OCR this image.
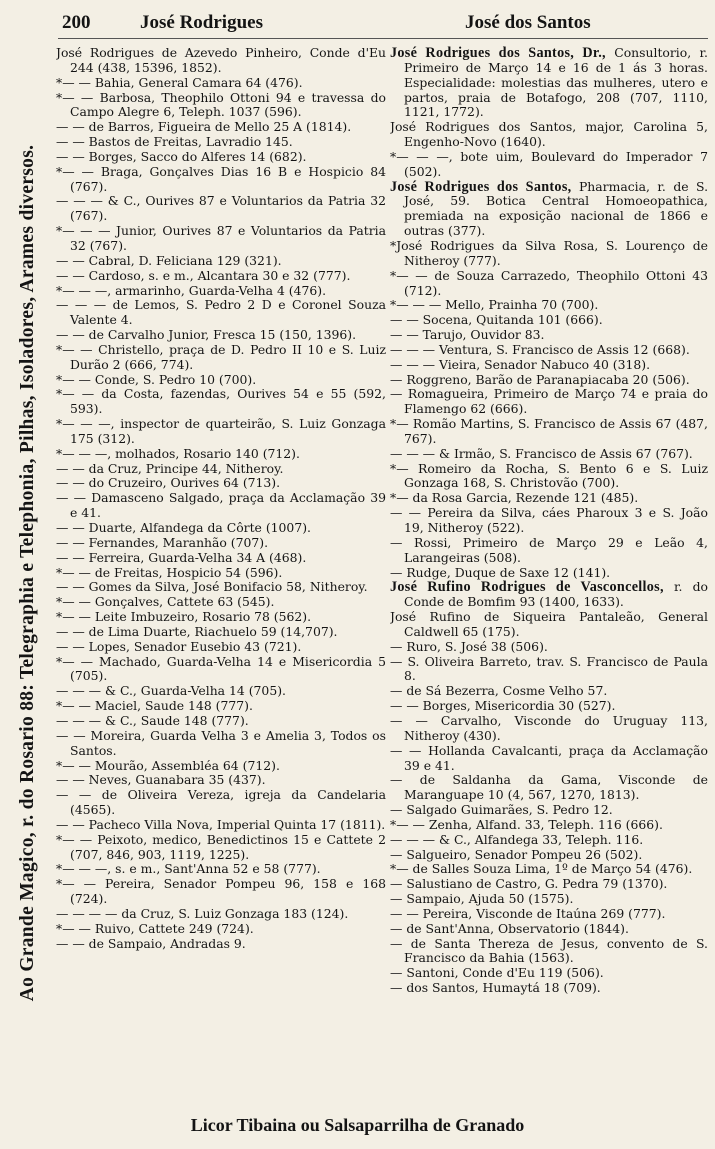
200	José Rodrigues	José dos Santos
Ao Grande Magico, r. do Rosario 88: Telegraphia e Telephonia, Pilhas, Isoladores, Arames diversos.

José Rodrigues de Azevedo Pinheiro, Conde d'Eu 244 (438, 15396, 1852).

*— — Bahia, General Camara 64 (476).

*— — Barbosa, Theophilo Ottoni 94 e travessa do Campo Alegre 6, Teleph. 1037 (596).

— — de Barros, Figueira de Mello 25 A (1814).

— — Bastos de Freitas, Lavradio 145.

— — Borges, Sacco do Alferes 14 (682).

*— — Braga, Gonçalves Dias 16 B e Hospicio 84 (767).

— — — & C., Ourives 87 e Voluntarios da Patria 32 (767).

*— — — Junior, Ourives 87 e Voluntarios da Patria 32 (767).

— — Cabral, D. Feliciana 129 (321).

— — Cardoso, s. e m., Alcantara 30 e 32 (777).

*— — —, armarinho, Guarda-Velha 4 (476).

— — — de Lemos, S. Pedro 2 D e Coronel Souza Valente 4.

— — de Carvalho Junior, Fresca 15 (150, 1396).

*— — Christello, praça de D. Pedro II 10 e S. Luiz Durão 2 (666, 774).

*— — Conde, S. Pedro 10 (700).

*— — da Costa, fazendas, Ourives 54 e 55 (592, 593).

*— — —, inspector de quarteirão, S. Luiz Gonzaga 175 (312).

*— — —, molhados, Rosario 140 (712).

— — da Cruz, Principe 44, Nitheroy.

— — do Cruzeiro, Ourives 64 (713).

— — Damasceno Salgado, praça da Acclamação 39 e 41.

— — Duarte, Alfandega da Côrte (1007).

— — Fernandes, Maranhão (707).

— — Ferreira, Guarda-Velha 34 A (468).

*— — de Freitas, Hospicio 54 (596).

— — Gomes da Silva, José Bonifacio 58, Nitheroy.

*— — Gonçalves, Cattete 63 (545).

*— — Leite Imbuzeiro, Rosario 78 (562).

— — de Lima Duarte, Riachuelo 59 (14,707).

— — Lopes, Senador Eusebio 43 (721).

*— — Machado, Guarda-Velha 14 e Misericordia 5 (705).

— — — & C., Guarda-Velha 14 (705).

*— — Maciel, Saude 148 (777).

— — — & C., Saude 148 (777).

— — Moreira, Guarda Velha 3 e Amelia 3, Todos os Santos.

*— — Mourão, Assembléa 64 (712).

— — Neves, Guanabara 35 (437).

— — de Oliveira Vereza, igreja da Candelaria (4565).

— — Pacheco Villa Nova, Imperial Quinta 17 (1811).

*— — Peixoto, medico, Benedictinos 15 e Cattete 2 (707, 846, 903, 1119, 1225).

*— — —, s. e m., Sant'Anna 52 e 58 (777).

*— — Pereira, Senador Pompeu 96, 158 e 168 (724).

— — — — da Cruz, S. Luiz Gonzaga 183 (124).

*— — Ruivo, Cattete 249 (724).

— — de Sampaio, Andradas 9.

José Rodrigues dos Santos, Dr., Consultorio, r. Primeiro de Março 14 e 16 de 1 ás 3 horas. Especialidade: molestias das mulheres, utero e partos, praia de Botafogo, 208 (707, 1110, 1121, 1772).

José Rodrigues dos Santos, major, Carolina 5, Engenho-Novo (1640).

*— — —, bote uim, Boulevard do Imperador 7 (502).

José Rodrigues dos Santos, Pharmacia, r. de S. José, 59. Botica Central Homoeopathica, premiada na exposição nacional de 1866 e outras (377).

*José Rodrigues da Silva Rosa, S. Lourenço de Nitheroy (777).

*— — de Souza Carrazedo, Theophilo Ottoni 43 (712).

*— — — Mello, Prainha 70 (700).

— — Socena, Quitanda 101 (666).

— — Tarujo, Ouvidor 83.

— — — Ventura, S. Francisco de Assis 12 (668).

— — — Vieira, Senador Nabuco 40 (318).

— Roggreno, Barão de Paranapiacaba 20 (506).

— Romagueira, Primeiro de Março 74 e praia do Flamengo 62 (666).

*— Romão Martins, S. Francisco de Assis 67 (487, 767).

— — — & Irmão, S. Francisco de Assis 67 (767).

*— Romeiro da Rocha, S. Bento 6 e S. Luiz Gonzaga 168, S. Christovão (700).

*— da Rosa Garcia, Rezende 121 (485).

— — Pereira da Silva, cáes Pharoux 3 e S. João 19, Nitheroy (522).

— Rossi, Primeiro de Março 29 e Leão 4, Larangeiras (508).

— Rudge, Duque de Saxe 12 (141).

José Rufino Rodrigues de Vasconcellos, r. do Conde de Bomfim 93 (1400, 1633).

José Rufino de Siqueira Pantaleão, General Caldwell 65 (175).

— Ruro, S. José 38 (506).

— S. Oliveira Barreto, trav. S. Francisco de Paula 8.

— de Sá Bezerra, Cosme Velho 57.

— — Borges, Misericordia 30 (527).

— — Carvalho, Visconde do Uruguay 113, Nitheroy (430).

— — Hollanda Cavalcanti, praça da Acclamação 39 e 41.

— de Saldanha da Gama, Visconde de Maranguape 10 (4, 567, 1270, 1813).

— Salgado Guimarães, S. Pedro 12.

*— — Zenha, Alfand. 33, Teleph. 116 (666).

— — — & C., Alfandega 33, Teleph. 116.

— Salgueiro, Senador Pompeu 26 (502).

*— de Salles Souza Lima, 1º de Março 54 (476).

— Salustiano de Castro, G. Pedra 79 (1370).

— Sampaio, Ajuda 50 (1575).

— — Pereira, Visconde de Itaúna 269 (777).

— de Sant'Anna, Observatorio (1844).

— de Santa Thereza de Jesus, convento de S. Francisco da Bahia (1563).

— Santoni, Conde d'Eu 119 (506).

— dos Santos, Humaytá 18 (709).

Licor Tibaina ou Salsaparrilha de Granado
